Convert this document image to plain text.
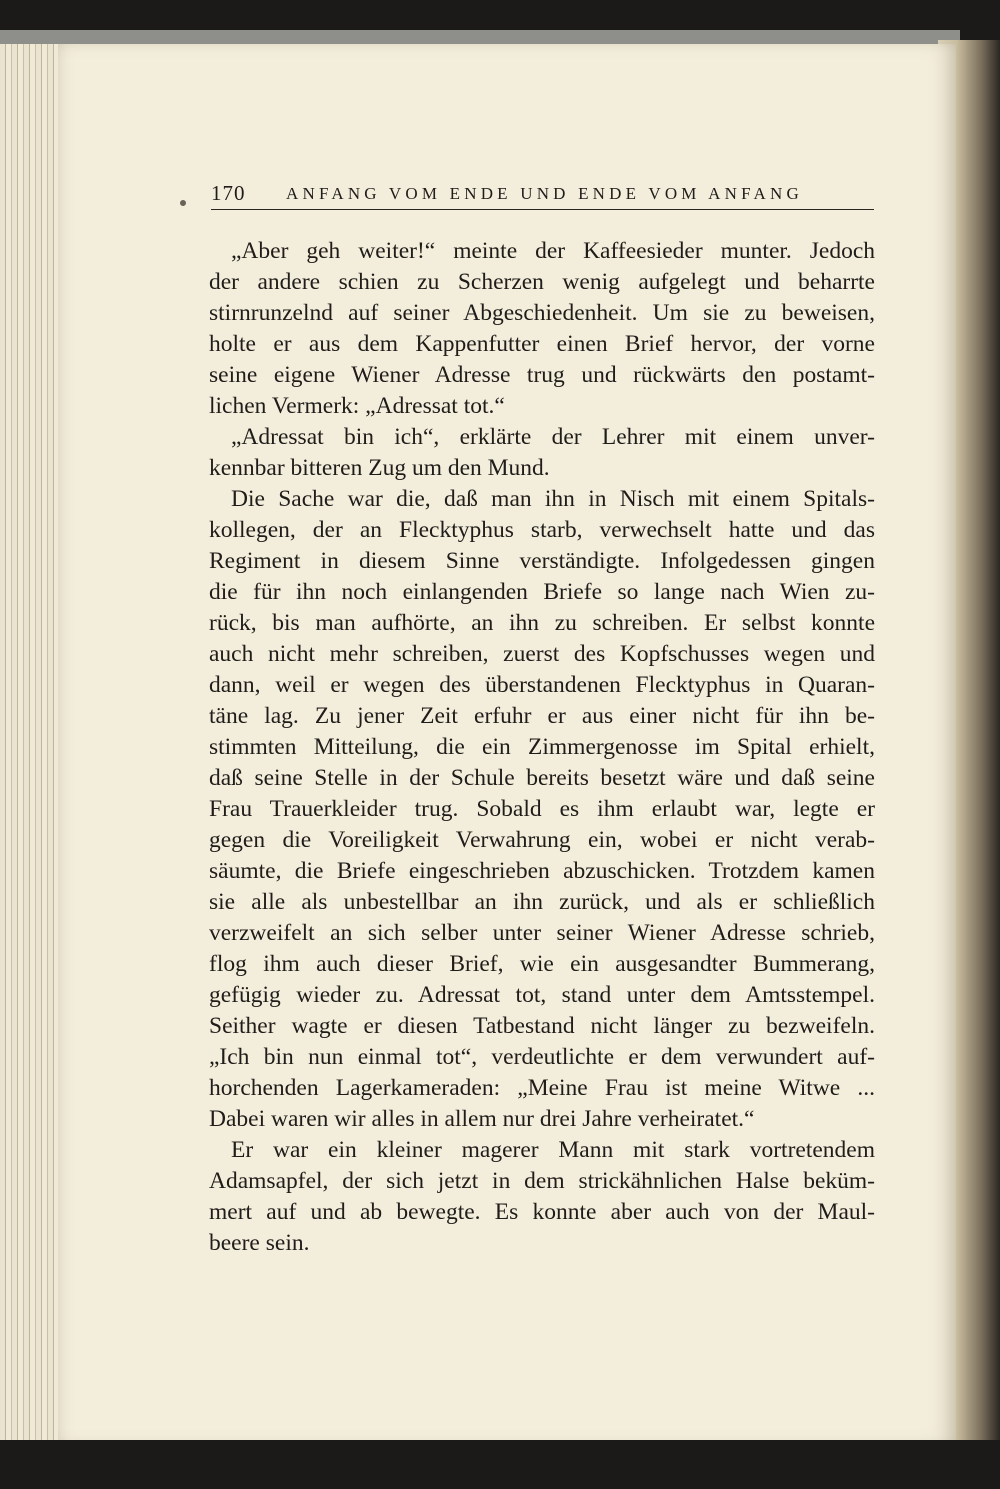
170 ANFANG VOM ENDE UND ENDE VOM ANFANG
„Aber geh weiter!“ meinte der Kaffeesieder munter. Jedoch
der andere schien zu Scherzen wenig aufgelegt und beharrte
stirnrunzelnd auf seiner Abgeschiedenheit. Um sie zu beweisen,
holte er aus dem Kappenfutter einen Brief hervor, der vorne
seine eigene Wiener Adresse trug und rückwärts den postamt-
lichen Vermerk: „Adressat tot.“
„Adressat bin ich“, erklärte der Lehrer mit einem unver-
kennbar bitteren Zug um den Mund.
Die Sache war die, daß man ihn in Nisch mit einem Spitals-
kollegen, der an Flecktyphus starb, verwechselt hatte und das
Regiment in diesem Sinne verständigte. Infolgedessen gingen
die für ihn noch einlangenden Briefe so lange nach Wien zu-
rück, bis man aufhörte, an ihn zu schreiben. Er selbst konnte
auch nicht mehr schreiben, zuerst des Kopfschusses wegen und
dann, weil er wegen des überstandenen Flecktyphus in Quaran-
täne lag. Zu jener Zeit erfuhr er aus einer nicht für ihn be-
stimmten Mitteilung, die ein Zimmergenosse im Spital erhielt,
daß seine Stelle in der Schule bereits besetzt wäre und daß seine
Frau Trauerkleider trug. Sobald es ihm erlaubt war, legte er
gegen die Voreiligkeit Verwahrung ein, wobei er nicht verab-
säumte, die Briefe eingeschrieben abzuschicken. Trotzdem kamen
sie alle als unbestellbar an ihn zurück, und als er schließlich
verzweifelt an sich selber unter seiner Wiener Adresse schrieb,
flog ihm auch dieser Brief, wie ein ausgesandter Bummerang,
gefügig wieder zu. Adressat tot, stand unter dem Amtsstempel.
Seither wagte er diesen Tatbestand nicht länger zu bezweifeln.
„Ich bin nun einmal tot“, verdeutlichte er dem verwundert auf-
horchenden Lagerkameraden: „Meine Frau ist meine Witwe ...
Dabei waren wir alles in allem nur drei Jahre verheiratet.“
Er war ein kleiner magerer Mann mit stark vortretendem
Adamsapfel, der sich jetzt in dem strickähnlichen Halse beküm-
mert auf und ab bewegte. Es konnte aber auch von der Maul-
beere sein.
